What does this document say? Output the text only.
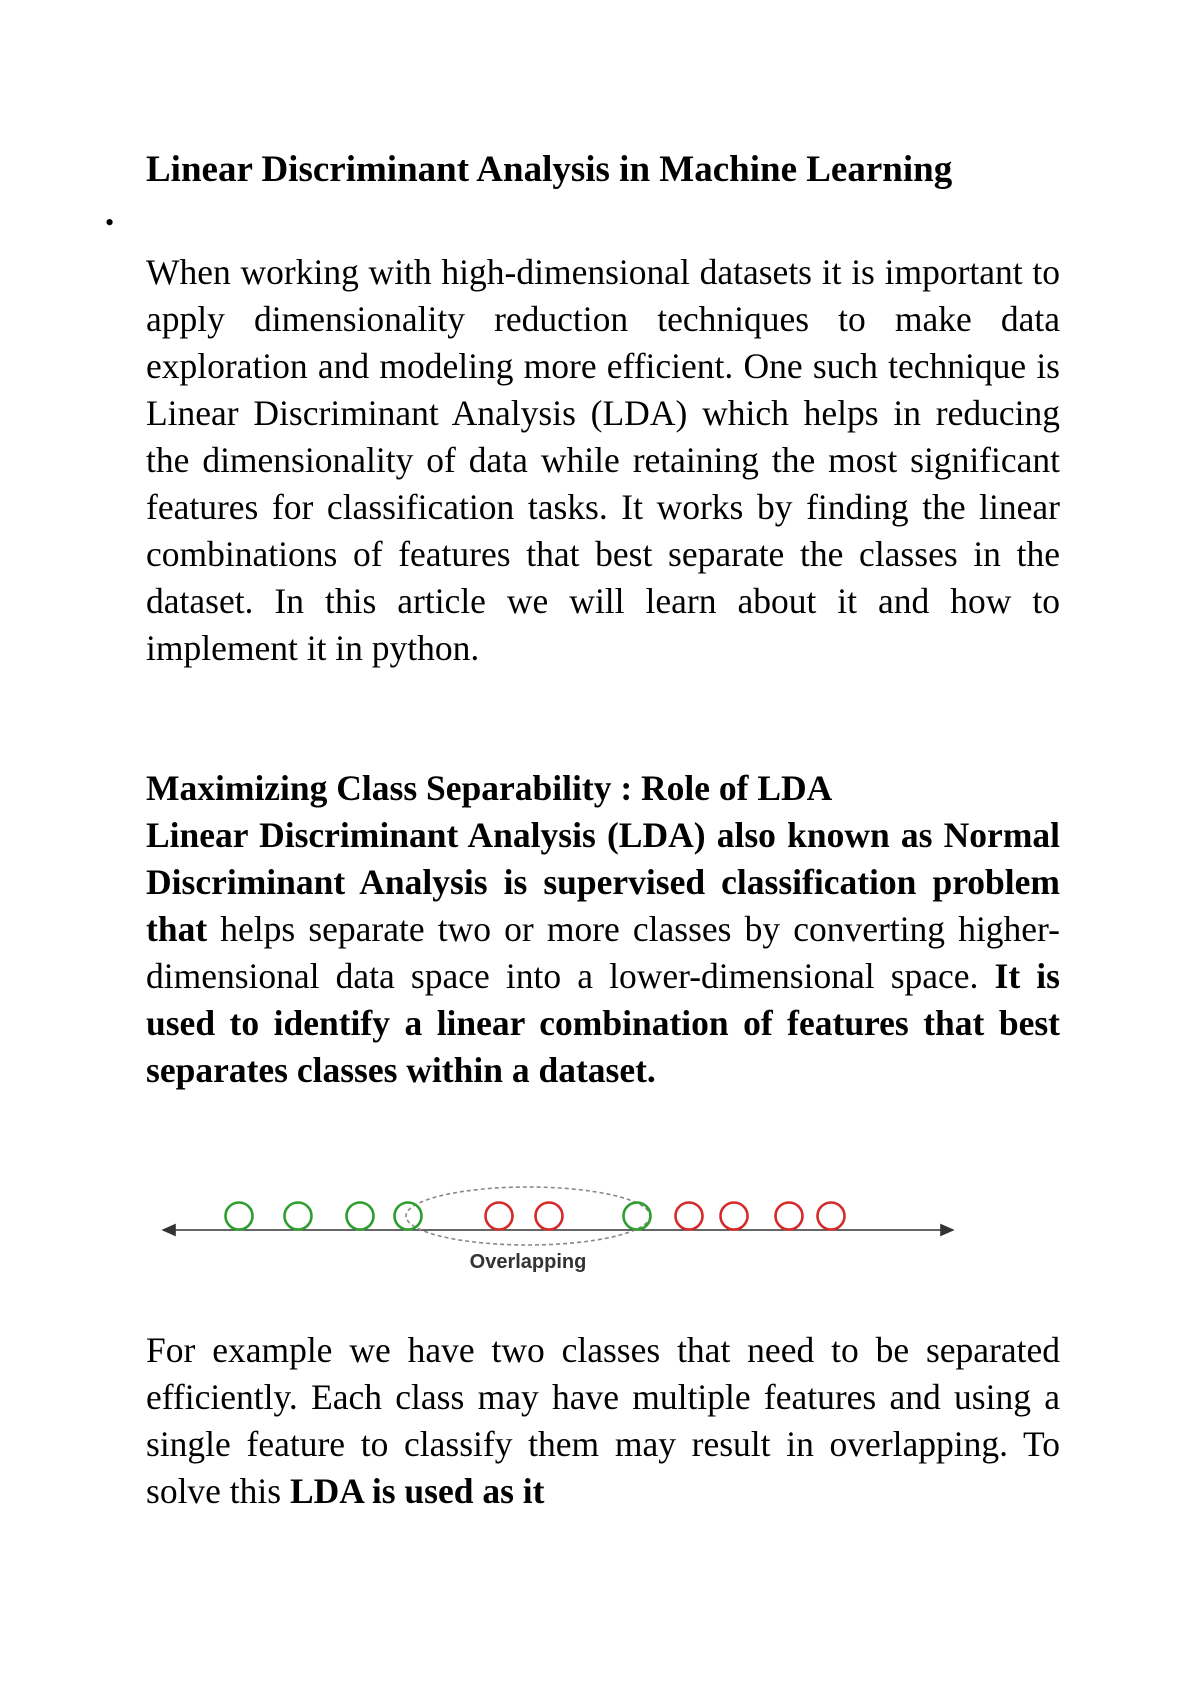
Linear Discriminant Analysis in Machine Learning
•

When working with high-dimensional datasets it is important to apply dimensionality reduction techniques to make data exploration and modeling more efficient. One such technique is Linear Discriminant Analysis (LDA) which helps in reducing the dimensionality of data while retaining the most significant features for classification tasks. It works by finding the linear combinations of features that best separate the classes in the dataset. In this article we will learn about it and how to implement it in python.

Maximizing Class Separability : Role of LDA

Linear Discriminant Analysis (LDA) also known as Normal Discriminant Analysis is supervised classification problem that helps separate two or more classes by converting higher-dimensional data space into a lower-dimensional space. It is used to identify a linear combination of features that best separates classes within a dataset.

Overlapping

For example we have two classes that need to be separated efficiently. Each class may have multiple features and using a single feature to classify them may result in overlapping. To solve this LDA is used as it
